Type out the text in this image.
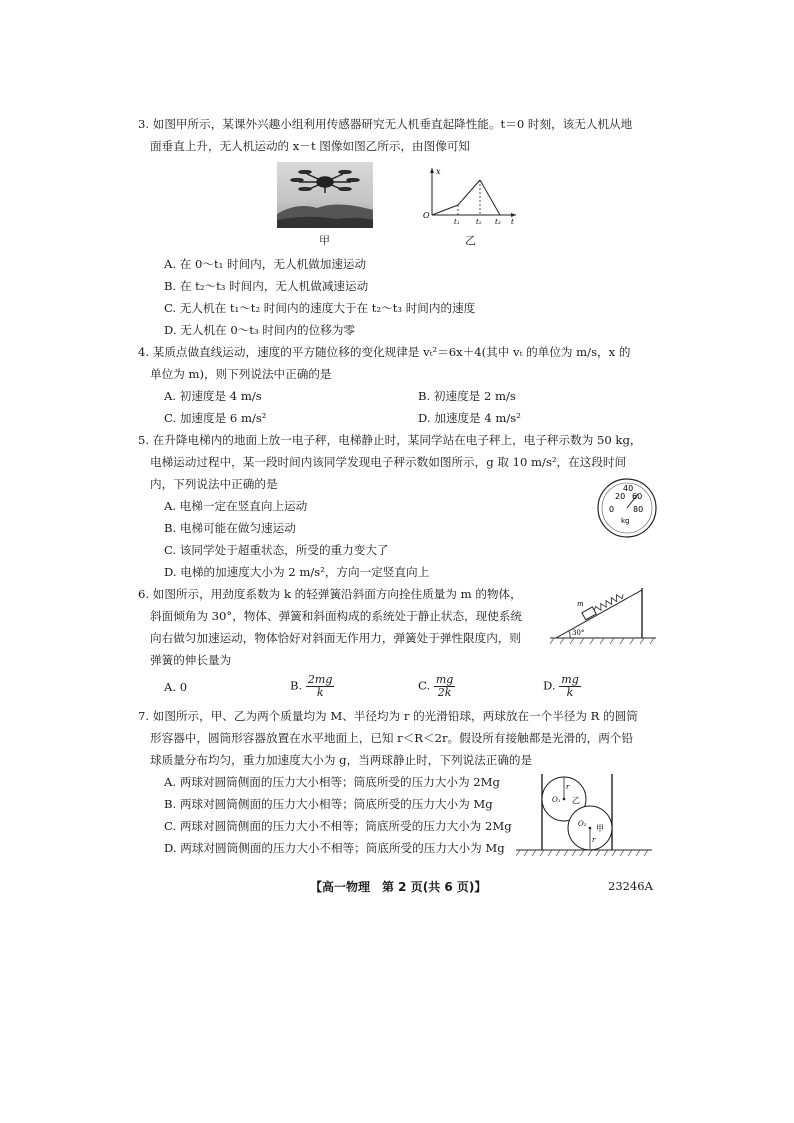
3. 如图甲所示，某课外兴趣小组利用传感器研究无人机垂直起降性能。t＝0 时刻，该无人机从地
面垂直上升，无人机运动的 x－t 图像如图乙所示，由图像可知
甲
x
O
t₁ t₂ t₃ t
乙
A. 在 0～t₁ 时间内，无人机做加速运动
B. 在 t₂～t₃ 时间内，无人机做减速运动
C. 无人机在 t₁～t₂ 时间内的速度大于在 t₂～t₃ 时间内的速度
D. 无人机在 0～t₃ 时间内的位移为零
4. 某质点做直线运动，速度的平方随位移的变化规律是 vₜ²＝6x＋4(其中 vₜ 的单位为 m/s，x 的
单位为 m)，则下列说法中正确的是
A. 初速度是 4 m/s	B. 初速度是 2 m/s
C. 加速度是 6 m/s²	D. 加速度是 4 m/s²
5. 在升降电梯内的地面上放一电子秤，电梯静止时，某同学站在电子秤上，电子秤示数为 50 kg，
电梯运动过程中，某一段时间内该同学发现电子秤示数如图所示，g 取 10 m/s²，在这段时间
内，下列说法中正确的是
20
40
60
0 80
kg
A. 电梯一定在竖直向上运动
B. 电梯可能在做匀速运动
C. 该同学处于超重状态，所受的重力变大了
D. 电梯的加速度大小为 2 m/s²，方向一定竖直向上
6. 如图所示，用劲度系数为 k 的轻弹簧沿斜面方向拴住质量为 m 的物体，
斜面倾角为 30°，物体、弹簧和斜面构成的系统处于静止状态，现使系统
向右做匀加速运动，物体恰好对斜面无作用力，弹簧处于弹性限度内，则
弹簧的伸长量为
m
30°
A. 0	B. $\frac{2mg}{k}$	C. $\frac{mg}{2k}$	D. $\frac{mg}{k}$
7. 如图所示，甲、乙为两个质量均为 M、半径均为 r 的光滑铅球，两球放在一个半径为 R 的圆筒
形容器中，圆筒形容器放置在水平地面上，已知 r＜R＜2r。假设所有接触都是光滑的，两个铅
球质量分布均匀，重力加速度大小为 g，当两球静止时，下列说法正确的是
A. 两球对圆筒侧面的压力大小相等；筒底所受的压力大小为 2Mg
B. 两球对圆筒侧面的压力大小相等；筒底所受的压力大小为 Mg
C. 两球对圆筒侧面的压力大小不相等；筒底所受的压力大小为 2Mg
D. 两球对圆筒侧面的压力大小不相等；筒底所受的压力大小为 Mg
O₁
r
乙
O₂
r
甲
【高一物理　第 2 页(共 6 页)】	23246A
